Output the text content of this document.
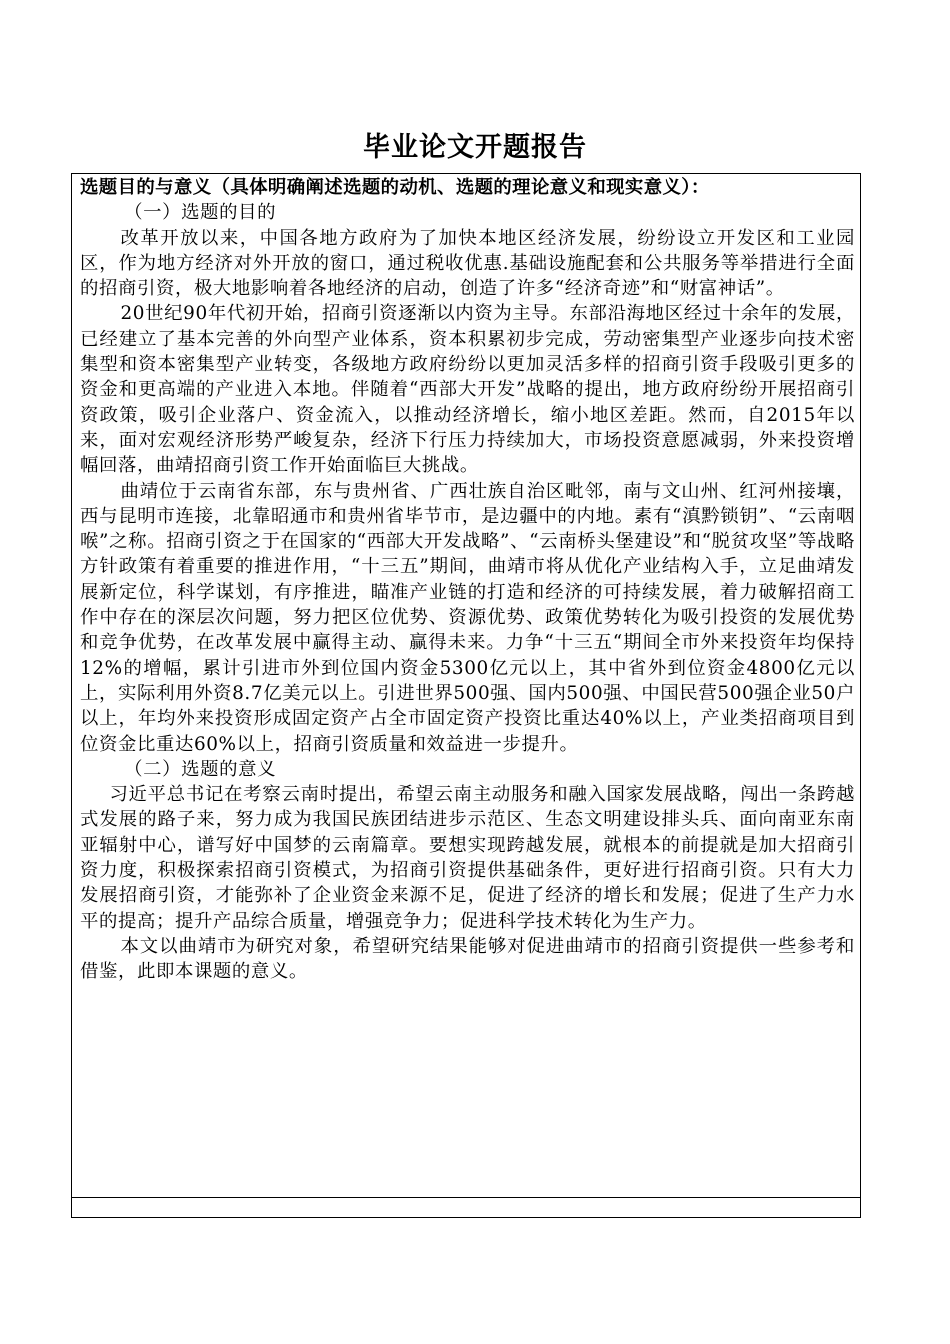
毕业论文开题报告

选题目的与意义（具体明确阐述选题的动机、选题的理论意义和现实意义）：

（一）选题的目的

改革开放以来，中国各地方政府为了加快本地区经济发展，纷纷设立开发区和工业园区，作为地方经济对外开放的窗口，通过税收优惠.基础设施配套和公共服务等举措进行全面的招商引资，极大地影响着各地经济的启动，创造了许多“经济奇迹”和“财富神话”。

20世纪90年代初开始，招商引资逐渐以内资为主导。东部沿海地区经过十余年的发展，已经建立了基本完善的外向型产业体系，资本积累初步完成，劳动密集型产业逐步向技术密集型和资本密集型产业转变，各级地方政府纷纷以更加灵活多样的招商引资手段吸引更多的资金和更高端的产业进入本地。伴随着“西部大开发”战略的提出，地方政府纷纷开展招商引资政策，吸引企业落户、资金流入，以推动经济增长，缩小地区差距。然而，自2015年以来，面对宏观经济形势严峻复杂，经济下行压力持续加大，市场投资意愿减弱，外来投资增幅回落，曲靖招商引资工作开始面临巨大挑战。

曲靖位于云南省东部，东与贵州省、广西壮族自治区毗邻，南与文山州、红河州接壤，西与昆明市连接，北靠昭通市和贵州省毕节市，是边疆中的内地。素有“滇黔锁钥”、“云南咽喉”之称。招商引资之于在国家的“西部大开发战略”、“云南桥头堡建设”和“脱贫攻坚”等战略方针政策有着重要的推进作用，“十三五”期间，曲靖市将从优化产业结构入手，立足曲靖发展新定位，科学谋划，有序推进，瞄准产业链的打造和经济的可持续发展，着力破解招商工作中存在的深层次问题，努力把区位优势、资源优势、政策优势转化为吸引投资的发展优势和竞争优势，在改革发展中赢得主动、赢得未来。力争“十三五“期间全市外来投资年均保持12%的增幅，累计引进市外到位国内资金5300亿元以上，其中省外到位资金4800亿元以上，实际利用外资8.7亿美元以上。引进世界500强、国内500强、中国民营500强企业50户以上，年均外来投资形成固定资产占全市固定资产投资比重达40%以上，产业类招商项目到位资金比重达60%以上，招商引资质量和效益进一步提升。

（二）选题的意义

习近平总书记在考察云南时提出，希望云南主动服务和融入国家发展战略，闯出一条跨越式发展的路子来，努力成为我国民族团结进步示范区、生态文明建设排头兵、面向南亚东南亚辐射中心，谱写好中国梦的云南篇章。要想实现跨越发展，就根本的前提就是加大招商引资力度，积极探索招商引资模式，为招商引资提供基础条件，更好进行招商引资。只有大力发展招商引资，才能弥补了企业资金来源不足，促进了经济的增长和发展；促进了生产力水平的提高；提升产品综合质量，增强竞争力；促进科学技术转化为生产力。

本文以曲靖市为研究对象，希望研究结果能够对促进曲靖市的招商引资提供一些参考和借鉴，此即本课题的意义。
